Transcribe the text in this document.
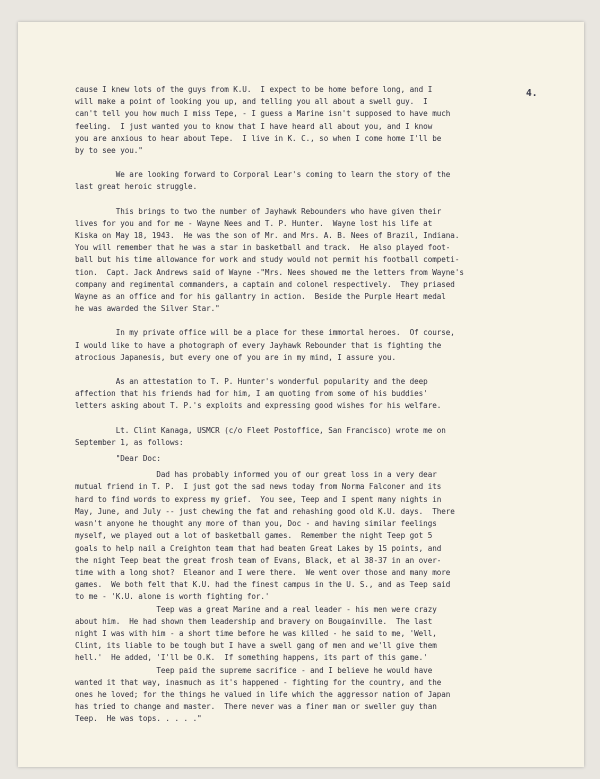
4.

cause I knew lots of the guys from K.U.  I expect to be home before long, and I
will make a point of looking you up, and telling you all about a swell guy.  I
can't tell you how much I miss Tepe, - I guess a Marine isn't supposed to have much
feeling.  I just wanted you to know that I have heard all about you, and I know
you are anxious to hear about Tepe.  I live in K. C., so when I come home I'll be
by to see you."

We are looking forward to Corporal Lear's coming to learn the story of the
last great heroic struggle.

This brings to two the number of Jayhawk Rebounders who have given their
lives for you and for me - Wayne Nees and T. P. Hunter.  Wayne lost his life at
Kiska on May 18, 1943.  He was the son of Mr. and Mrs. A. B. Nees of Brazil, Indiana.
You will remember that he was a star in basketball and track.  He also played foot-
ball but his time allowance for work and study would not permit his football competi-
tion.  Capt. Jack Andrews said of Wayne -"Mrs. Nees showed me the letters from Wayne's
company and regimental commanders, a captain and colonel respectively.  They priased
Wayne as an office and for his gallantry in action.  Beside the Purple Heart medal
he was awarded the Silver Star."

In my private office will be a place for these immortal heroes.  Of course,
I would like to have a photograph of every Jayhawk Rebounder that is fighting the
atrocious Japanesis, but every one of you are in my mind, I assure you.

As an attestation to T. P. Hunter's wonderful popularity and the deep
affection that his friends had for him, I am quoting from some of his buddies'
letters asking about T. P.'s exploits and expressing good wishes for his welfare.

Lt. Clint Kanaga, USMCR (c/o Fleet Postoffice, San Francisco) wrote me on
September 1, as follows:

"Dear Doc:

Dad has probably informed you of our great loss in a very dear
mutual friend in T. P.  I just got the sad news today from Norma Falconer and its
hard to find words to express my grief.  You see, Teep and I spent many nights in
May, June, and July -- just chewing the fat and rehashing good old K.U. days.  There
wasn't anyone he thought any more of than you, Doc - and having similar feelings
myself, we played out a lot of basketball games.  Remember the night Teep got 5
goals to help nail a Creighton team that had beaten Great Lakes by 15 points, and
the night Teep beat the great frosh team of Evans, Black, et al 38-37 in an over-
time with a long shot?  Eleanor and I were there.  We went over those and many more
games.  We both felt that K.U. had the finest campus in the U. S., and as Teep said
to me - 'K.U. alone is worth fighting for.'

Teep was a great Marine and a real leader - his men were crazy
about him.  He had shown them leadership and bravery on Bougainville.  The last
night I was with him - a short time before he was killed - he said to me, 'Well,
Clint, its liable to be tough but I have a swell gang of men and we'll give them
hell.'  He added, 'I'll be O.K.  If something happens, its part of this game.'

Teep paid the supreme sacrifice - and I believe he would have
wanted it that way, inasmuch as it's happened - fighting for the country, and the
ones he loved; for the things he valued in life which the aggressor nation of Japan
has tried to change and master.  There never was a finer man or sweller guy than
Teep.  He was tops. . . . ."
